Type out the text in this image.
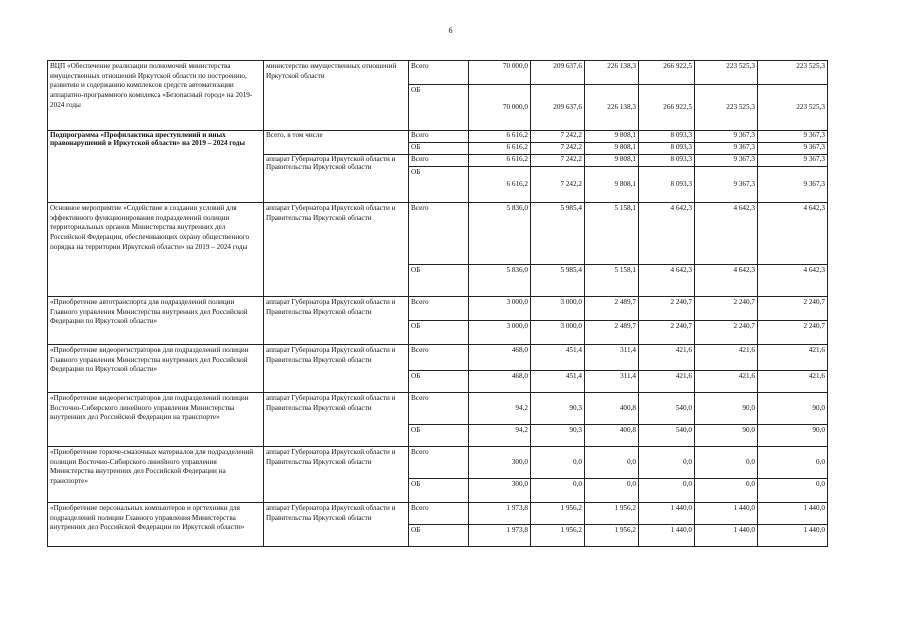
6
ВЦП «Обеспечение реализации полномочий министерства имущественных отношений Иркутской области по построению, развитию и содержанию комплексов средств автоматизации аппаратно-программного комплекса «Безопасный город» на 2019-2024 годы	министерство имущественных отношений Иркутской области	Всего	70 000,0	209 637,6	226 138,3	266 922,5	223 525,3	223 525,3
		ОБ	70 000,0	209 637,6	226 138,3	266 922,5	223 525,3	223 525,3
Подпрограмма «Профилактика преступлений и иных правонарушений в Иркутской области» на 2019 – 2024 годы	Всего, в том числе	Всего	6 616,2	7 242,2	9 808,1	8 093,3	9 367,3	9 367,3
		ОБ	6 616,2	7 242,2	9 808,1	8 093,3	9 367,3	9 367,3
	аппарат Губернатора Иркутской области и Правительства Иркутской области	Всего	6 616,2	7 242,2	9 808,1	8 093,3	9 367,3	9 367,3
		ОБ	6 616,2	7 242,2	9 808,1	8 093,3	9 367,3	9 367,3
Основное мероприятие «Содействие в создании условий для эффективного функционирования подразделений полиции территориальных органов Министерства внутренних дел Российской Федерации, обеспечивающих охрану общественного порядка на территории Иркутской области» на 2019 – 2024 годы	аппарат Губернатора Иркутской области и Правительства Иркутской области	Всего	5 836,0	5 985,4	5 158,1	4 642,3	4 642,3	4 642,3
		ОБ	5 836,0	5 985,4	5 158,1	4 642,3	4 642,3	4 642,3
«Приобретение автотранспорта для подразделений полиции Главного управления Министерства внутренних дел Российской Федерации по Иркутской области»	аппарат Губернатора Иркутской области и Правительства Иркутской области	Всего	3 000,0	3 000,0	2 489,7	2 240,7	2 240,7	2 240,7
		ОБ	3 000,0	3 000,0	2 489,7	2 240,7	2 240,7	2 240,7
«Приобретение видеорегистраторов для подразделений полиции Главного управления Министерства внутренних дел Российской Федерации по Иркутской области»	аппарат Губернатора Иркутской области и Правительства Иркутской области	Всего	468,0	451,4	311,4	421,6	421,6	421,6
		ОБ	468,0	451,4	311,4	421,6	421,6	421,6
«Приобретение видеорегистраторов для подразделений полиции Восточно-Сибирского линейного управления Министерства внутренних дел Российской Федерации на транспорте»	аппарат Губернатора Иркутской области и Правительства Иркутской области	Всего	94,2	90,3	400,8	540,0	90,0	90,0
		ОБ	94,2	90,3	400,8	540,0	90,0	90,0
«Приобретение горюче-смазочных материалов для подразделений полиции Восточно-Сибирского линейного управления Министерства внутренних дел Российской Федерации на транспорте»	аппарат Губернатора Иркутской области и Правительства Иркутской области	Всего	300,0	0,0	0,0	0,0	0,0	0,0
		ОБ	300,0	0,0	0,0	0,0	0,0	0,0
«Приобретение персональных компьютеров и оргтехники для подразделений полиции Главного управления Министерства внутренних дел Российской Федерации по Иркутской области»	аппарат Губернатора Иркутской области и Правительства Иркутской области	Всего	1 973,8	1 956,2	1 956,2	1 440,0	1 440,0	1 440,0
		ОБ	1 973,8	1 956,2	1 956,2	1 440,0	1 440,0	1 440,0
